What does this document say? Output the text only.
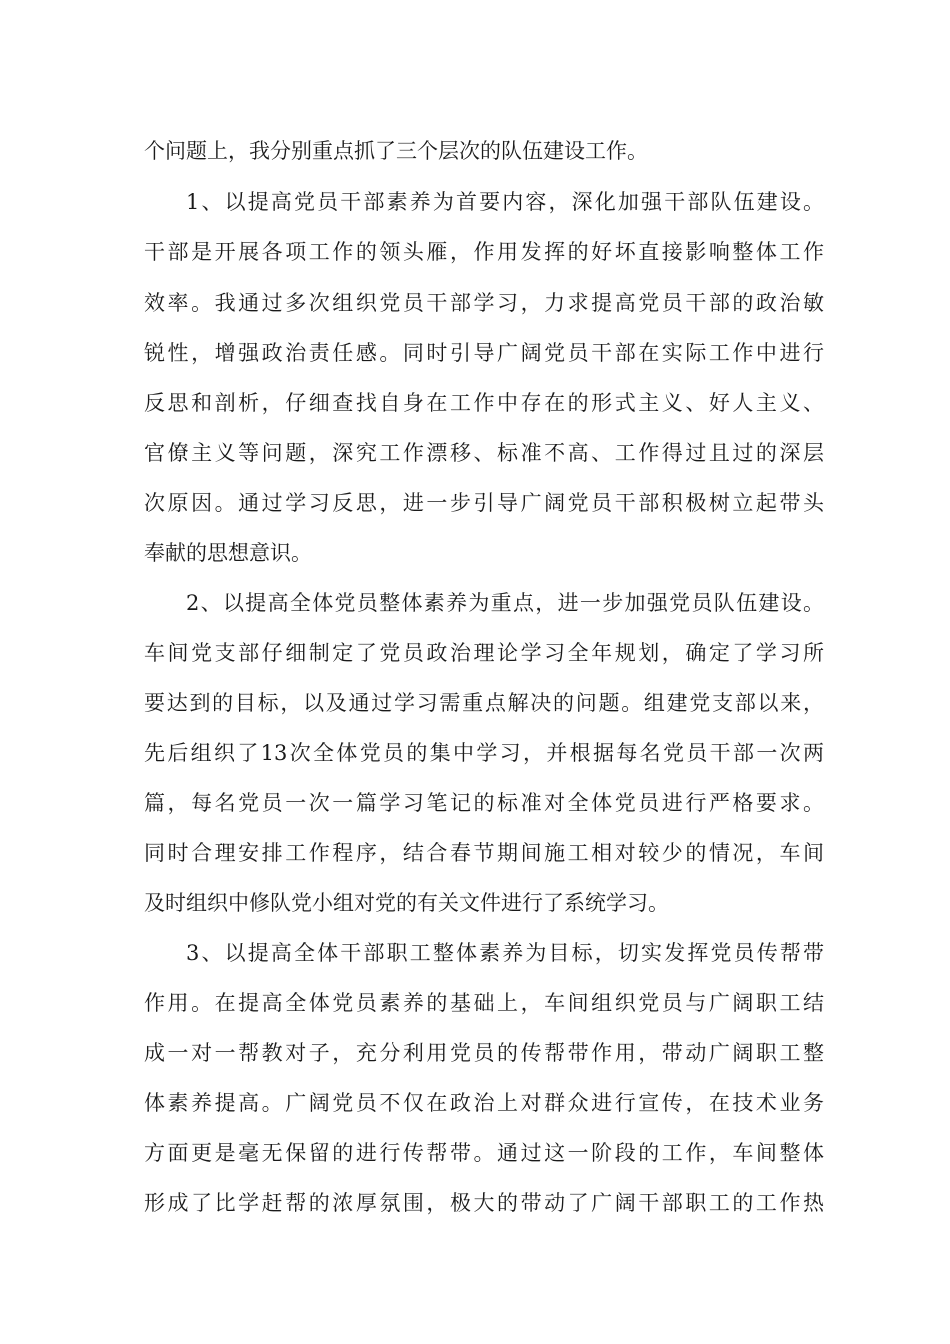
个问题上，我分别重点抓了三个层次的队伍建设工作。
1、以提高党员干部素养为首要内容，深化加强干部队伍建设。
干部是开展各项工作的领头雁，作用发挥的好坏直接影响整体工作
效率。我通过多次组织党员干部学习，力求提高党员干部的政治敏
锐性，增强政治责任感。同时引导广阔党员干部在实际工作中进行
反思和剖析，仔细查找自身在工作中存在的形式主义、好人主义、
官僚主义等问题，深究工作漂移、标准不高、工作得过且过的深层
次原因。通过学习反思，进一步引导广阔党员干部积极树立起带头
奉献的思想意识。
2、以提高全体党员整体素养为重点，进一步加强党员队伍建设。
车间党支部仔细制定了党员政治理论学习全年规划，确定了学习所
要达到的目标，以及通过学习需重点解决的问题。组建党支部以来，
先后组织了13次全体党员的集中学习，并根据每名党员干部一次两
篇，每名党员一次一篇学习笔记的标准对全体党员进行严格要求。
同时合理安排工作程序，结合春节期间施工相对较少的情况，车间
及时组织中修队党小组对党的有关文件进行了系统学习。
3、以提高全体干部职工整体素养为目标，切实发挥党员传帮带
作用。在提高全体党员素养的基础上，车间组织党员与广阔职工结
成一对一帮教对子，充分利用党员的传帮带作用，带动广阔职工整
体素养提高。广阔党员不仅在政治上对群众进行宣传，在技术业务
方面更是毫无保留的进行传帮带。通过这一阶段的工作，车间整体
形成了比学赶帮的浓厚氛围，极大的带动了广阔干部职工的工作热
